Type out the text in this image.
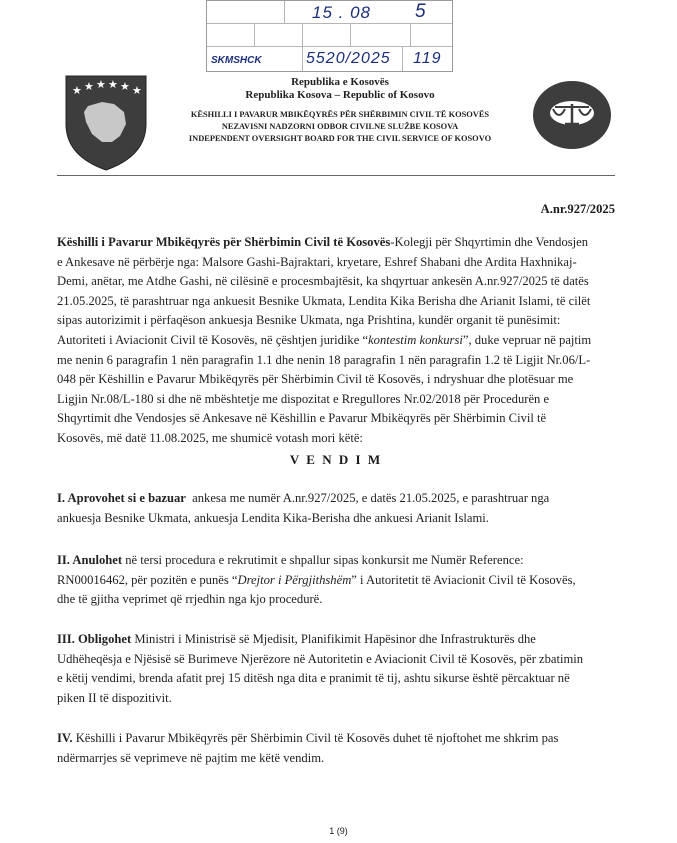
15 . 08 5
SKMSHCK	5520/2025 119
★ ★ ★ ★ ★ ★
Republika e Kosovës
Republika Kosova – Republic of Kosovo
KËSHILLI I PAVARUR MBIKËQYRËS PËR SHËRBIMIN CIVIL TË KOSOVËS
NEZAVISNI NADZORNI ODBOR CIVILNE SLUŽBE KOSOVA
INDEPENDENT OVERSIGHT BOARD FOR THE CIVIL SERVICE OF KOSOVO
A.nr.927/2025
Këshilli i Pavarur Mbikëqyrës për Shërbimin Civil të Kosovës-Kolegji për Shqyrtimin dhe Vendosjen
e Ankesave në përbërje nga: Malsore Gashi-Bajraktari, kryetare, Eshref Shabani dhe Ardita Haxhnikaj-
Demi, anëtar, me Atdhe Gashi, në cilësinë e procesmbajtësit, ka shqyrtuar ankesën A.nr.927/2025 të datës
21.05.2025, të parashtruar nga ankuesit Besnike Ukmata, Lendita Kika Berisha dhe Arianit Islami, të cilët
sipas autorizimit i përfaqëson ankuesja Besnike Ukmata, nga Prishtina, kundër organit të punësimit:
Autoriteti i Aviacionit Civil të Kosovës, në çështjen juridike “kontestim konkursi”, duke vepruar në pajtim
me nenin 6 paragrafin 1 nën paragrafin 1.1 dhe nenin 18 paragrafin 1 nën paragrafin 1.2 të Ligjit Nr.06/L-
048 për Këshillin e Pavarur Mbikëqyrës për Shërbimin Civil të Kosovës, i ndryshuar dhe plotësuar me
Ligjin Nr.08/L-180 si dhe në mbështetje me dispozitat e Rregullores Nr.02/2018 për Procedurën e
Shqyrtimit dhe Vendosjes së Ankesave në Këshillin e Pavarur Mbikëqyrës për Shërbimin Civil të
Kosovës, më datë 11.08.2025, me shumicë votash mori këtë:
V E N D I M
I. Aprovohet si e bazuar ankesa me numër A.nr.927/2025, e datës 21.05.2025, e parashtruar nga
ankuesja Besnike Ukmata, ankuesja Lendita Kika-Berisha dhe ankuesi Arianit Islami.
II. Anulohet në tersi procedura e rekrutimit e shpallur sipas konkursit me Numër Reference:
RN00016462, për pozitën e punës “Drejtor i Përgjithshëm” i Autoritetit të Aviacionit Civil të Kosovës,
dhe të gjitha veprimet që rrjedhin nga kjo procedurë.
III. Obligohet Ministri i Ministrisë së Mjedisit, Planifikimit Hapësinor dhe Infrastrukturës dhe
Udhëheqësja e Njësisë së Burimeve Njerëzore në Autoritetin e Aviacionit Civil të Kosovës, për zbatimin
e këtij vendimi, brenda afatit prej 15 ditësh nga dita e pranimit të tij, ashtu sikurse është përcaktuar në
piken II të dispozitivit.
IV. Këshilli i Pavarur Mbikëqyrës për Shërbimin Civil të Kosovës duhet të njoftohet me shkrim pas
ndërmarrjes së veprimeve në pajtim me këtë vendim.
1 (9)
